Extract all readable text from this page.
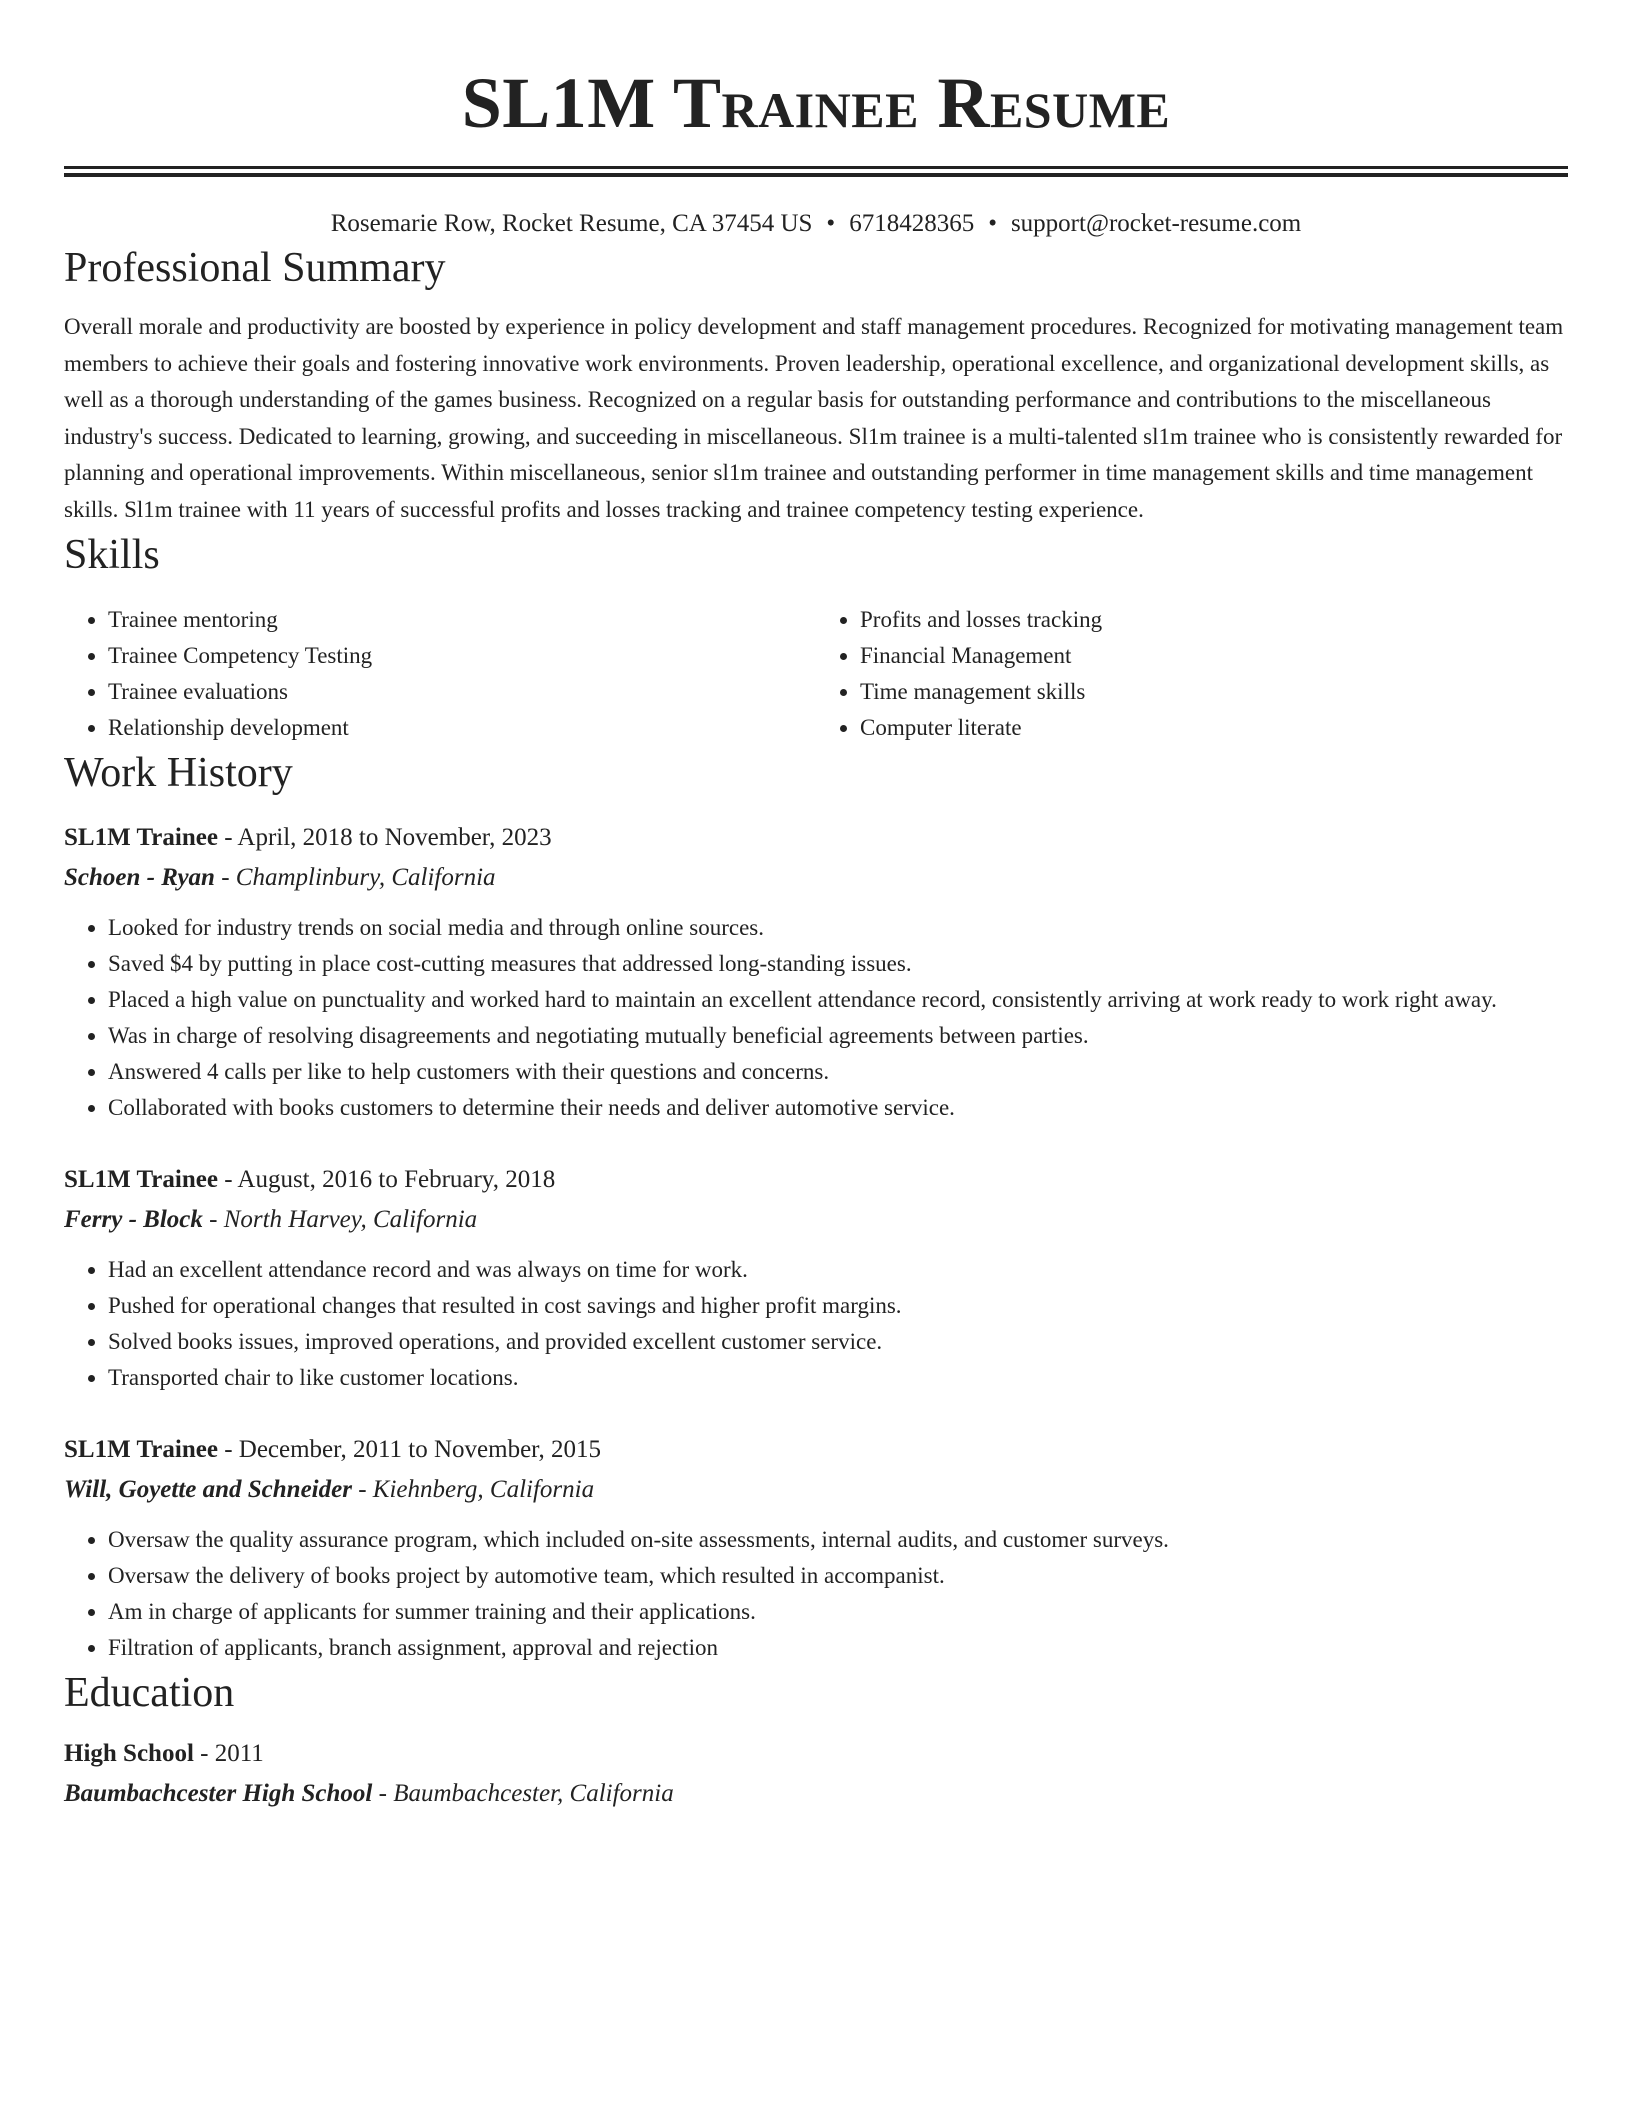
SL1M Trainee Resume
Rosemarie Row, Rocket Resume, CA 37454 US • 6718428365 • support@rocket-resume.com
Professional Summary

Overall morale and productivity are boosted by experience in policy development and staff management procedures. Recognized for motivating management team members to achieve their goals and fostering innovative work environments. Proven leadership, operational excellence, and organizational development skills, as well as a thorough understanding of the games business. Recognized on a regular basis for outstanding performance and contributions to the miscellaneous industry's success. Dedicated to learning, growing, and succeeding in miscellaneous. Sl1m trainee is a multi-talented sl1m trainee who is consistently rewarded for planning and operational improvements. Within miscellaneous, senior sl1m trainee and outstanding performer in time management skills and time management skills. Sl1m trainee with 11 years of successful profits and losses tracking and trainee competency testing experience.

Skills
• Trainee mentoring
• Trainee Competency Testing
• Trainee evaluations
• Relationship development
• Profits and losses tracking
• Financial Management
• Time management skills
• Computer literate
Work History
SL1M Trainee - April, 2018 to November, 2023
Schoen - Ryan - Champlinbury, California
• Looked for industry trends on social media and through online sources.
• Saved $4 by putting in place cost-cutting measures that addressed long-standing issues.
• Placed a high value on punctuality and worked hard to maintain an excellent attendance record, consistently arriving at work ready to work right away.
• Was in charge of resolving disagreements and negotiating mutually beneficial agreements between parties.
• Answered 4 calls per like to help customers with their questions and concerns.
• Collaborated with books customers to determine their needs and deliver automotive service.
SL1M Trainee - August, 2016 to February, 2018
Ferry - Block - North Harvey, California
• Had an excellent attendance record and was always on time for work.
• Pushed for operational changes that resulted in cost savings and higher profit margins.
• Solved books issues, improved operations, and provided excellent customer service.
• Transported chair to like customer locations.
SL1M Trainee - December, 2011 to November, 2015
Will, Goyette and Schneider - Kiehnberg, California
• Oversaw the quality assurance program, which included on-site assessments, internal audits, and customer surveys.
• Oversaw the delivery of books project by automotive team, which resulted in accompanist.
• Am in charge of applicants for summer training and their applications.
• Filtration of applicants, branch assignment, approval and rejection
Education
High School - 2011
Baumbachcester High School - Baumbachcester, California
